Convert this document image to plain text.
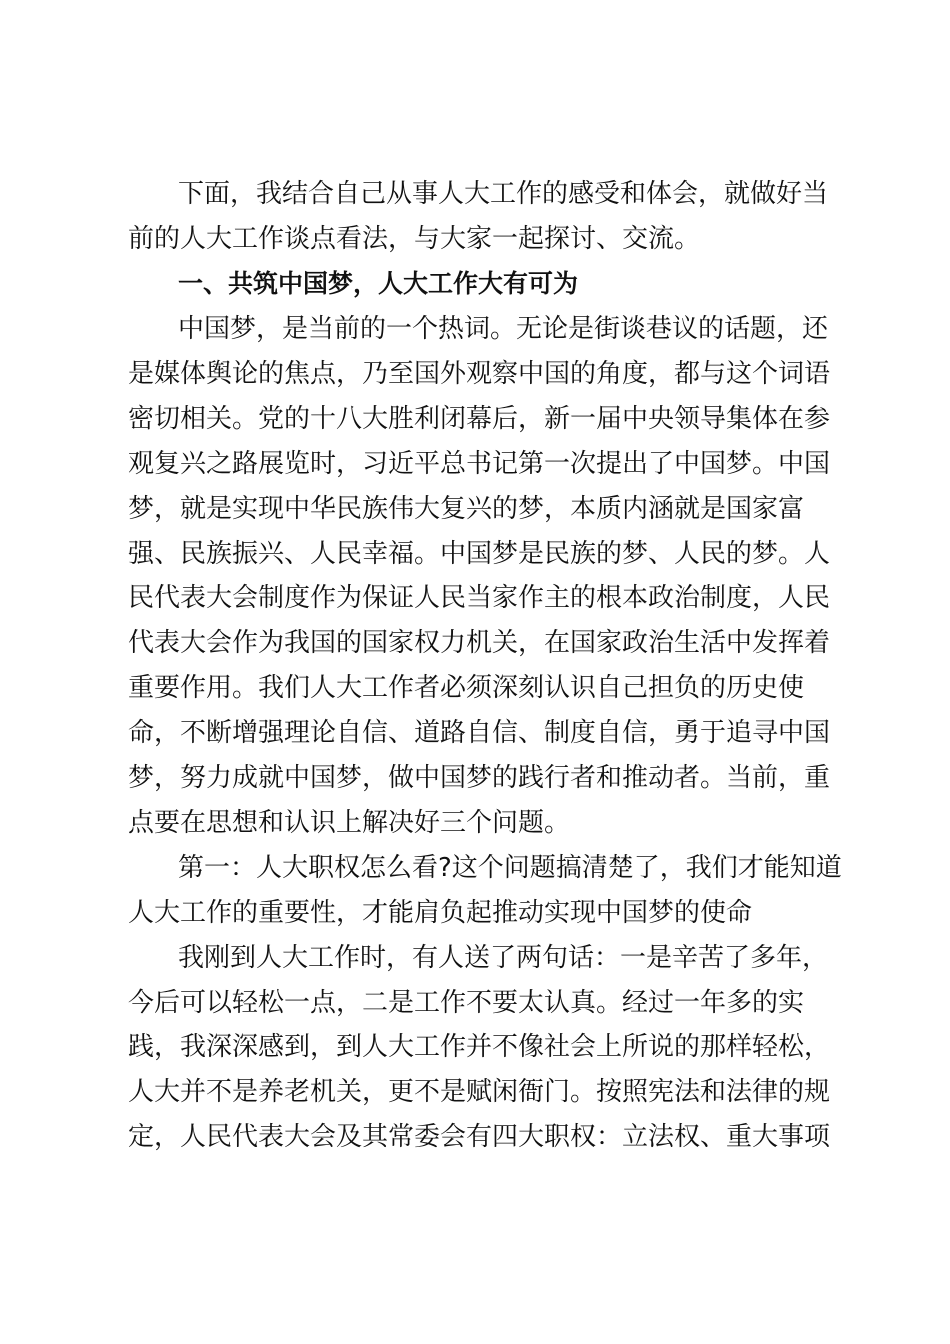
下面，我结合自己从事人大工作的感受和体会，就做好当
前的人大工作谈点看法，与大家一起探讨、交流。
一、共筑中国梦，人大工作大有可为
中国梦，是当前的一个热词。无论是街谈巷议的话题，还
是媒体舆论的焦点，乃至国外观察中国的角度，都与这个词语
密切相关。党的十八大胜利闭幕后，新一届中央领导集体在参
观复兴之路展览时，习近平总书记第一次提出了中国梦。中国
梦，就是实现中华民族伟大复兴的梦，本质内涵就是国家富
强、民族振兴、人民幸福。中国梦是民族的梦、人民的梦。人
民代表大会制度作为保证人民当家作主的根本政治制度，人民
代表大会作为我国的国家权力机关，在国家政治生活中发挥着
重要作用。我们人大工作者必须深刻认识自己担负的历史使
命，不断增强理论自信、道路自信、制度自信，勇于追寻中国
梦，努力成就中国梦，做中国梦的践行者和推动者。当前，重
点要在思想和认识上解决好三个问题。
第一：人大职权怎么看?这个问题搞清楚了，我们才能知道
人大工作的重要性，才能肩负起推动实现中国梦的使命
我刚到人大工作时，有人送了两句话：一是辛苦了多年，
今后可以轻松一点，二是工作不要太认真。经过一年多的实
践，我深深感到，到人大工作并不像社会上所说的那样轻松，
人大并不是养老机关，更不是赋闲衙门。按照宪法和法律的规
定，人民代表大会及其常委会有四大职权：立法权、重大事项
